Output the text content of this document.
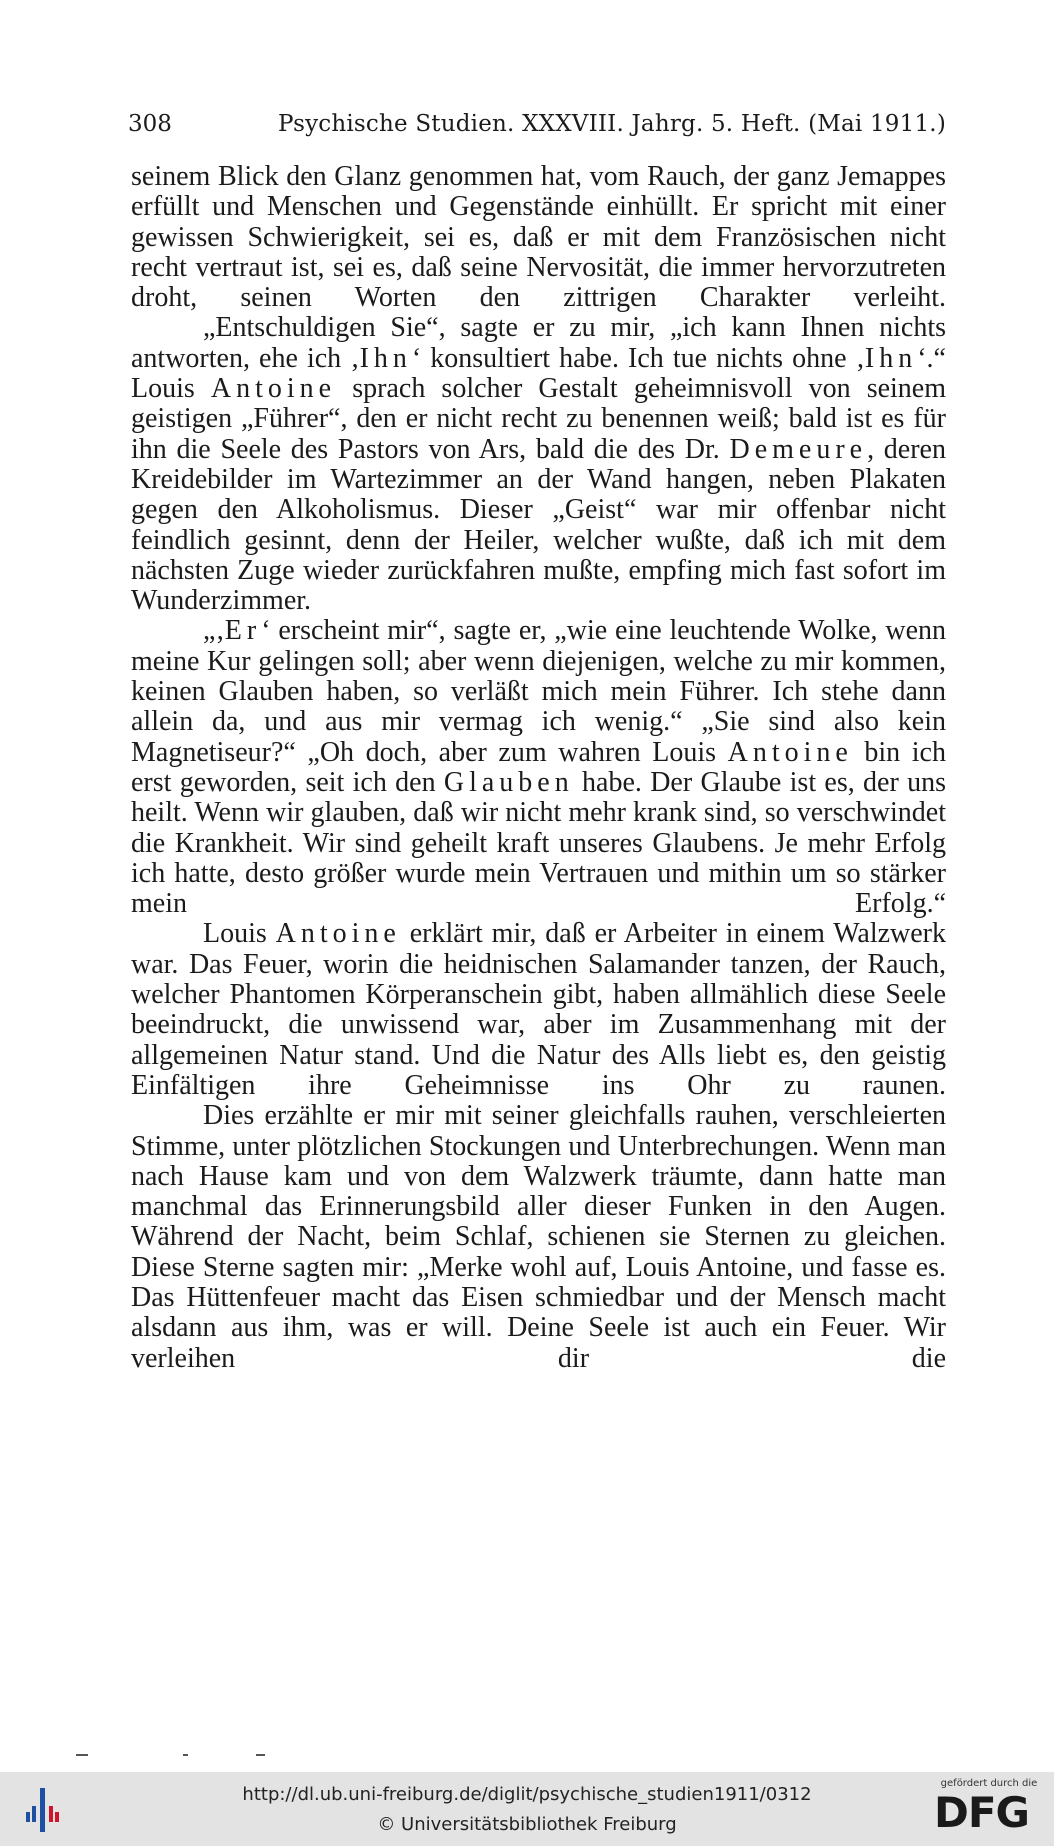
308	Psychische Studien. XXXVIII. Jahrg. 5. Heft. (Mai 1911.)

seinem Blick den Glanz genommen hat, vom Rauch, der ganz Jemappes erfüllt und Menschen und Gegenstände einhüllt. Er spricht mit einer gewissen Schwierigkeit, sei es, daß er mit dem Französischen nicht recht vertraut ist, sei es, daß seine Nervosität, die immer hervorzutreten droht, seinen Worten den zittrigen Charakter verleiht.

„Entschuldigen Sie“, sagte er zu mir, „ich kann Ihnen nichts antworten, ehe ich ‚Ihn‘ konsultiert habe. Ich tue nichts ohne ‚Ihn‘.“ Louis Antoine sprach solcher Gestalt geheimnisvoll von seinem geistigen „Führer“, den er nicht recht zu benennen weiß; bald ist es für ihn die Seele des Pastors von Ars, bald die des Dr. Demeure, deren Kreidebilder im Wartezimmer an der Wand hangen, neben Plakaten gegen den Alkoholismus. Dieser „Geist“ war mir offenbar nicht feindlich gesinnt, denn der Heiler, welcher wußte, daß ich mit dem nächsten Zuge wieder zurückfahren mußte, empfing mich fast sofort im Wunderzimmer.

„‚Er‘ erscheint mir“, sagte er, „wie eine leuchtende Wolke, wenn meine Kur gelingen soll; aber wenn diejenigen, welche zu mir kommen, keinen Glauben haben, so verläßt mich mein Führer. Ich stehe dann allein da, und aus mir vermag ich wenig.“ „Sie sind also kein Magnetiseur?“ „Oh doch, aber zum wahren Louis Antoine bin ich erst geworden, seit ich den Glauben habe. Der Glaube ist es, der uns heilt. Wenn wir glauben, daß wir nicht mehr krank sind, so verschwindet die Krankheit. Wir sind geheilt kraft unseres Glaubens. Je mehr Erfolg ich hatte, desto größer wurde mein Vertrauen und mithin um so stärker mein Erfolg.“

Louis Antoine erklärt mir, daß er Arbeiter in einem Walzwerk war. Das Feuer, worin die heidnischen Salamander tanzen, der Rauch, welcher Phantomen Körperanschein gibt, haben allmählich diese Seele beeindruckt, die unwissend war, aber im Zusammenhang mit der allgemeinen Natur stand. Und die Natur des Alls liebt es, den geistig Einfältigen ihre Geheimnisse ins Ohr zu raunen.

Dies erzählte er mir mit seiner gleichfalls rauhen, verschleierten Stimme, unter plötzlichen Stockungen und Unterbrechungen. Wenn man nach Hause kam und von dem Walzwerk träumte, dann hatte man manchmal das Erinnerungsbild aller dieser Funken in den Augen. Während der Nacht, beim Schlaf, schienen sie Sternen zu gleichen. Diese Sterne sagten mir: „Merke wohl auf, Louis Antoine, und fasse es. Das Hüttenfeuer macht das Eisen schmiedbar und der Mensch macht alsdann aus ihm, was er will. Deine Seele ist auch ein Feuer. Wir verleihen dir die

http://dl.ub.uni-freiburg.de/diglit/psychische_studien1911/0312
© Universitätsbibliothek Freiburg
gefördert durch die
DFG
